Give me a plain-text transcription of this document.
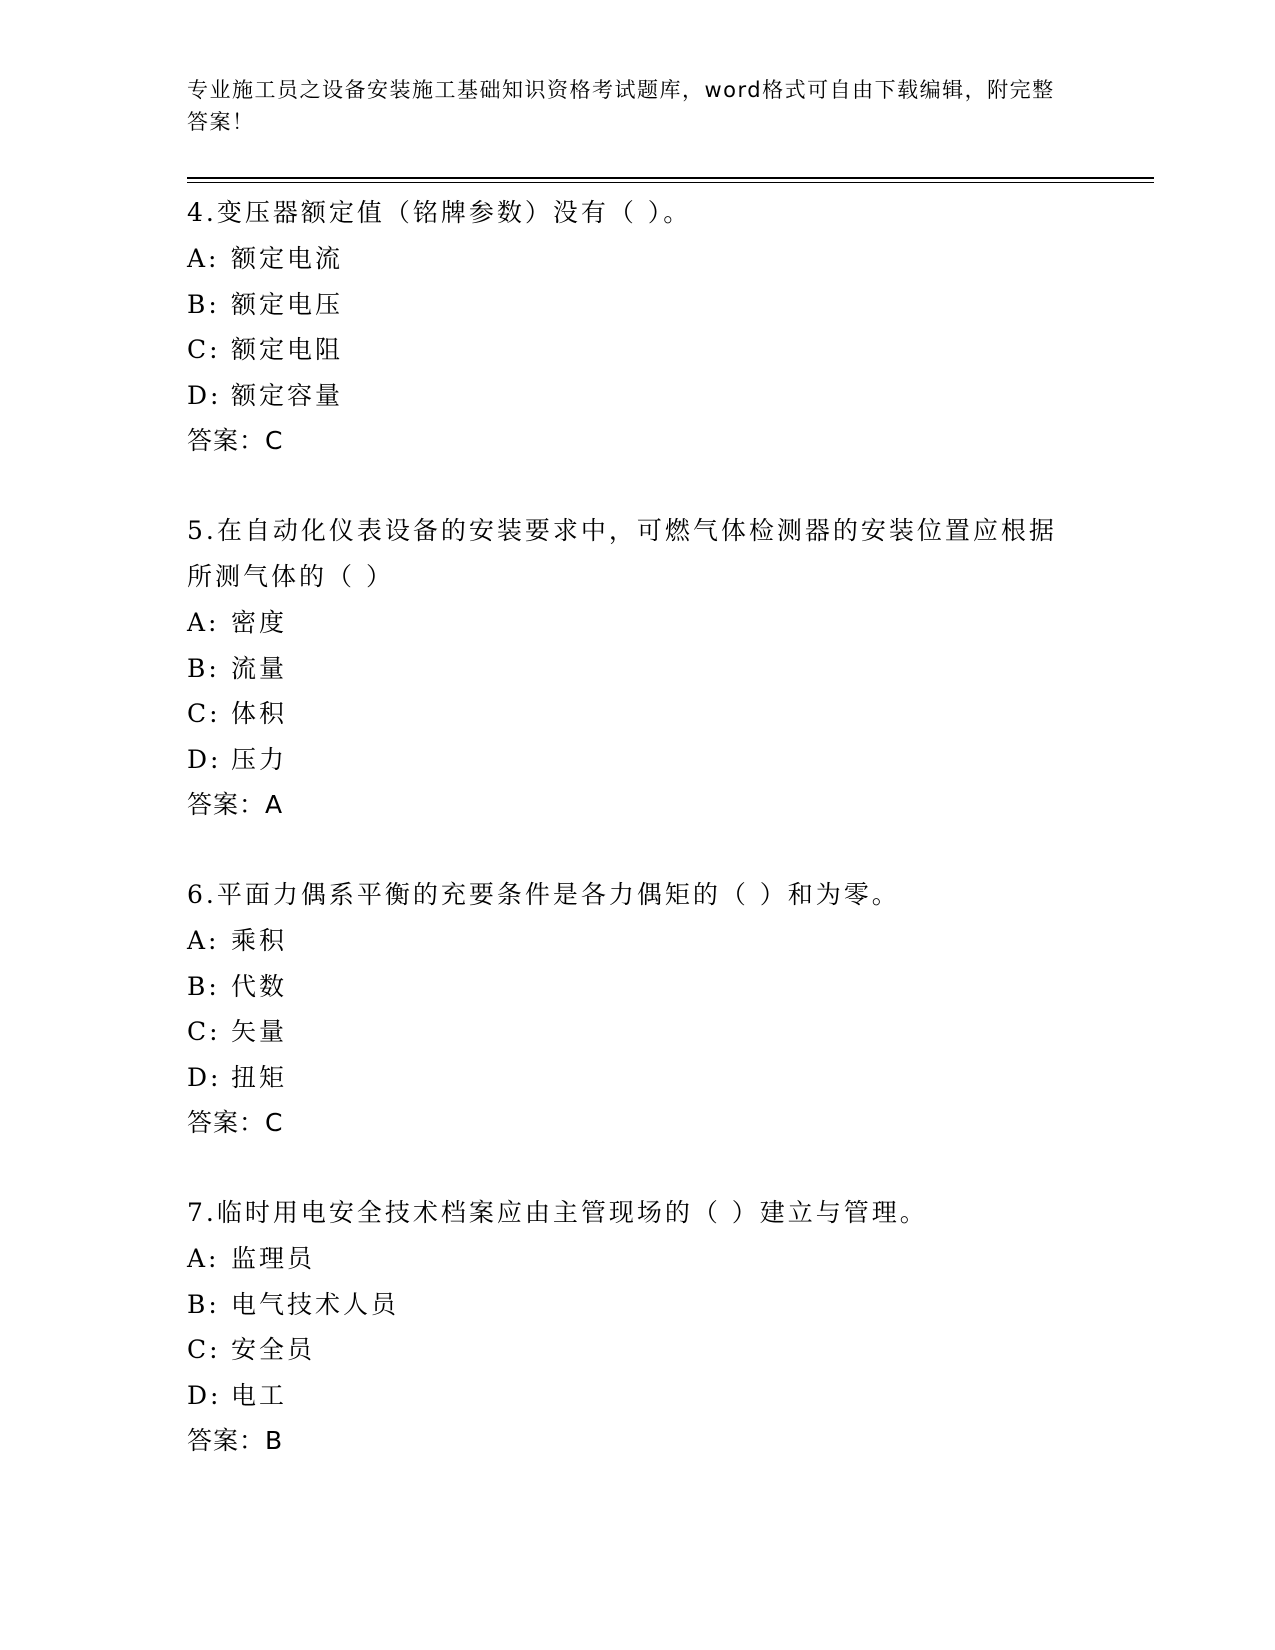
专业施工员之设备安装施工基础知识资格考试题库，word格式可自由下载编辑，附完整答案！
4.变压器额定值（铭牌参数）没有（ ）。
A: 额定电流
B: 额定电压
C: 额定电阻
D: 额定容量
答案：C
5.在自动化仪表设备的安装要求中，可燃气体检测器的安装位置应根据所测气体的（ ）
A: 密度
B: 流量
C: 体积
D: 压力
答案：A
6.平面力偶系平衡的充要条件是各力偶矩的（ ）和为零。
A: 乘积
B: 代数
C: 矢量
D: 扭矩
答案：C
7.临时用电安全技术档案应由主管现场的（ ）建立与管理。
A: 监理员
B: 电气技术人员
C: 安全员
D: 电工
答案：B
